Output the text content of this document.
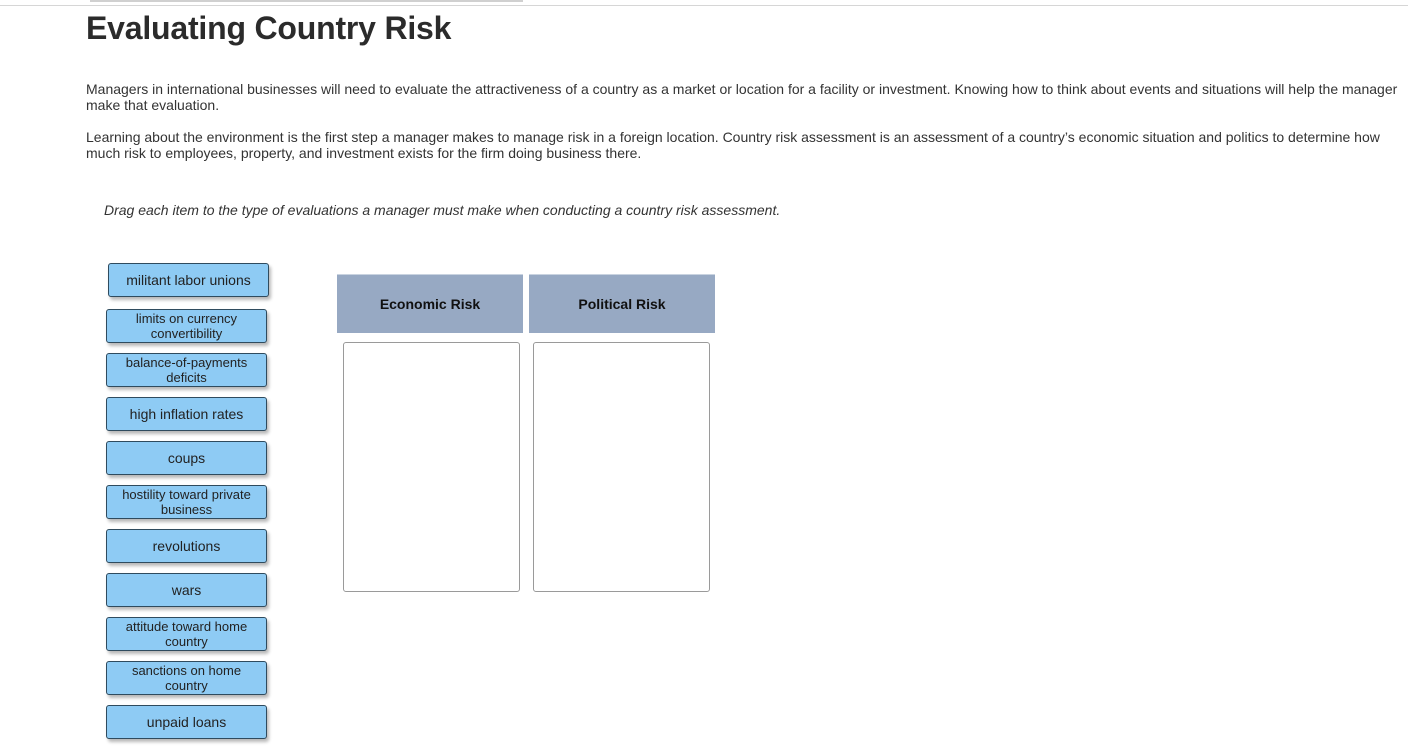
Evaluating Country Risk

Managers in international businesses will need to evaluate the attractiveness of a country as a market or location for a facility or investment. Knowing how to think about events and situations will help the manager make that evaluation.

Learning about the environment is the first step a manager makes to manage risk in a foreign location. Country risk assessment is an assessment of a country’s economic situation and politics to determine how much risk to employees, property, and investment exists for the firm doing business there.

Drag each item to the type of evaluations a manager must make when conducting a country risk assessment.

militant labor unions
limits on currency convertibility
balance-of-payments deficits
high inflation rates
coups
hostility toward private business
revolutions
wars
attitude toward home country
sanctions on home country
unpaid loans
Economic Risk	Political Risk
